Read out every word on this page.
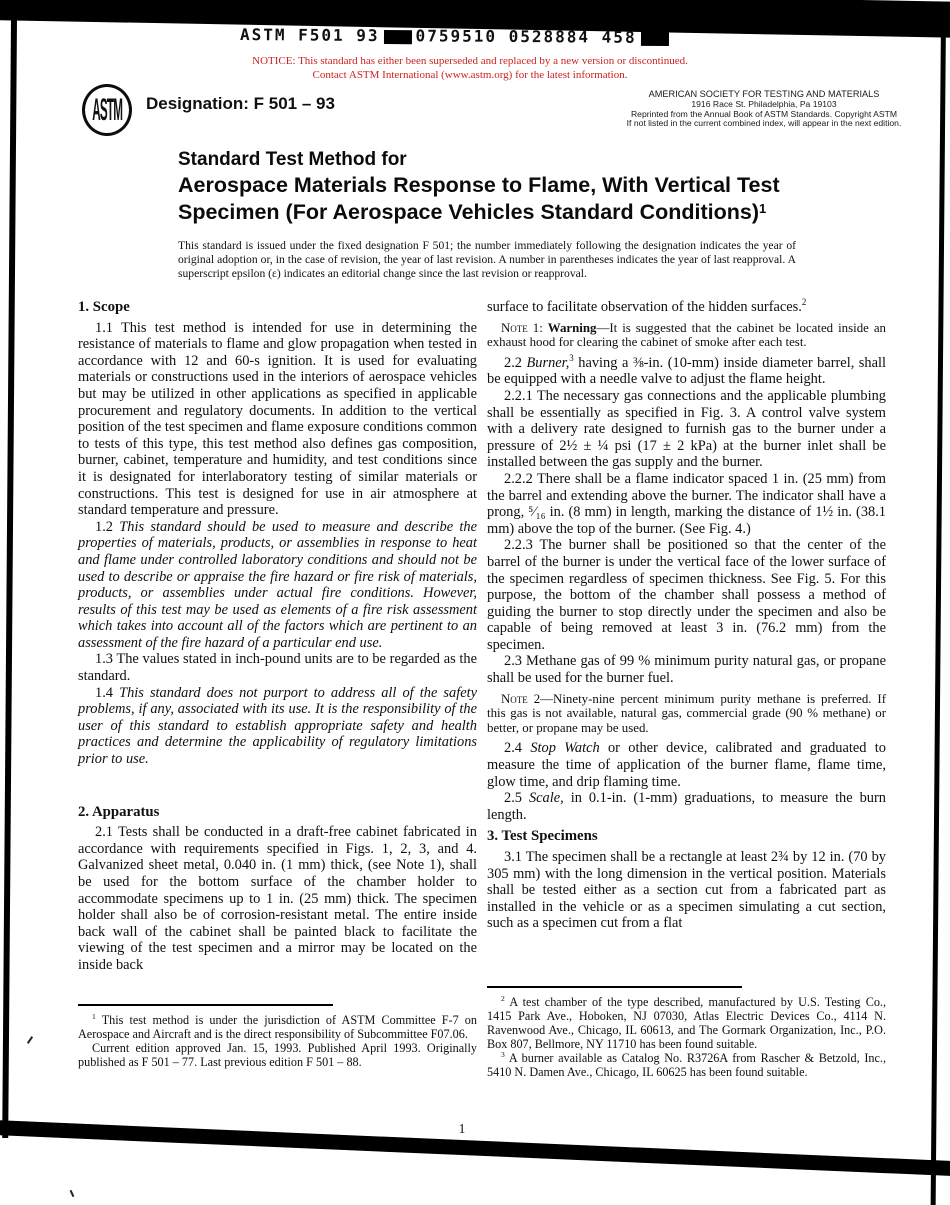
ASTM F501 93 0759510 0528884 458
NOTICE: This standard has either been superseded and replaced by a new version or discontinued.
Contact ASTM International (www.astm.org) for the latest information.
ASTM Designation: F 501 – 93	AMERICAN SOCIETY FOR TESTING AND MATERIALS
1916 Race St. Philadelphia, Pa 19103
Reprinted from the Annual Book of ASTM Standards. Copyright ASTM
If not listed in the current combined index, will appear in the next edition.
Standard Test Method for
Aerospace Materials Response to Flame, With Vertical Test
Specimen (For Aerospace Vehicles Standard Conditions)$^1$
This standard is issued under the fixed designation F 501; the number immediately following the designation indicates the year of original adoption or, in the case of revision, the year of last revision. A number in parentheses indicates the year of last reapproval. A superscript epsilon (ε) indicates an editorial change since the last revision or reapproval.

1. Scope

1.1 This test method is intended for use in determining the resistance of materials to flame and glow propagation when tested in accordance with 12 and 60-s ignition. It is used for evaluating materials or constructions used in the interiors of aerospace vehicles but may be utilized in other applications as specified in applicable procurement and regulatory documents. In addition to the vertical position of the test specimen and flame exposure conditions common to tests of this type, this test method also defines gas composition, burner, cabinet, temperature and humidity, and test conditions since it is designated for interlaboratory testing of similar materials or constructions. This test is designed for use in air atmosphere at standard temperature and pressure.

1.2 This standard should be used to measure and describe the properties of materials, products, or assemblies in response to heat and flame under controlled laboratory conditions and should not be used to describe or appraise the fire hazard or fire risk of materials, products, or assemblies under actual fire conditions. However, results of this test may be used as elements of a fire risk assessment which takes into account all of the factors which are pertinent to an assessment of the fire hazard of a particular end use.

1.3 The values stated in inch-pound units are to be regarded as the standard.

1.4 This standard does not purport to address all of the safety problems, if any, associated with its use. It is the responsibility of the user of this standard to establish appropriate safety and health practices and determine the applicability of regulatory limitations prior to use.

2. Apparatus

2.1 Tests shall be conducted in a draft-free cabinet fabricated in accordance with requirements specified in Figs. 1, 2, 3, and 4. Galvanized sheet metal, 0.040 in. (1 mm) thick, (see Note 1), shall be used for the bottom surface of the chamber holder to accommodate specimens up to 1 in. (25 mm) thick. The specimen holder shall also be of corrosion-resistant metal. The entire inside back wall of the cabinet shall be painted black to facilitate the viewing of the test specimen and a mirror may be located on the inside back

surface to facilitate observation of the hidden surfaces.$^2$

Note 1: Warning—It is suggested that the cabinet be located inside an exhaust hood for clearing the cabinet of smoke after each test.

2.2 Burner,$^3$ having a ⅜-in. (10-mm) inside diameter barrel, shall be equipped with a needle valve to adjust the flame height.

2.2.1 The necessary gas connections and the applicable plumbing shall be essentially as specified in Fig. 3. A control valve system with a delivery rate designed to furnish gas to the burner under a pressure of 2½ ± ¼ psi (17 ± 2 kPa) at the burner inlet shall be installed between the gas supply and the burner.

2.2.2 There shall be a flame indicator spaced 1 in. (25 mm) from the barrel and extending above the burner. The indicator shall have a prong, ⁵⁄₁₆ in. (8 mm) in length, marking the distance of 1½ in. (38.1 mm) above the top of the burner. (See Fig. 4.)

2.2.3 The burner shall be positioned so that the center of the barrel of the burner is under the vertical face of the lower surface of the specimen regardless of specimen thickness. See Fig. 5. For this purpose, the bottom of the chamber shall possess a method of guiding the burner to stop directly under the specimen and also be capable of being removed at least 3 in. (76.2 mm) from the specimen.

2.3 Methane gas of 99 % minimum purity natural gas, or propane shall be used for the burner fuel.

Note 2—Ninety-nine percent minimum purity methane is preferred. If this gas is not available, natural gas, commercial grade (90 % methane) or better, or propane may be used.

2.4 Stop Watch or other device, calibrated and graduated to measure the time of application of the burner flame, flame time, glow time, and drip flaming time.

2.5 Scale, in 0.1-in. (1-mm) graduations, to measure the burn length.

3. Test Specimens

3.1 The specimen shall be a rectangle at least 2¾ by 12 in. (70 by 305 mm) with the long dimension in the vertical position. Materials shall be tested either as a section cut from a fabricated part as installed in the vehicle or as a specimen simulating a cut section, such as a specimen cut from a flat

$^1$ This test method is under the jurisdiction of ASTM Committee F-7 on Aerospace and Aircraft and is the direct responsibility of Subcommittee F07.06.

Current edition approved Jan. 15, 1993. Published April 1993. Originally published as F 501 – 77. Last previous edition F 501 – 88.

$^2$ A test chamber of the type described, manufactured by U.S. Testing Co., 1415 Park Ave., Hoboken, NJ 07030, Atlas Electric Devices Co., 4114 N. Ravenwood Ave., Chicago, IL 60613, and The Gormark Organization, Inc., P.O. Box 807, Bellmore, NY 11710 has been found suitable.

$^3$ A burner available as Catalog No. R3726A from Rascher & Betzold, Inc., 5410 N. Damen Ave., Chicago, IL 60625 has been found suitable.

1
